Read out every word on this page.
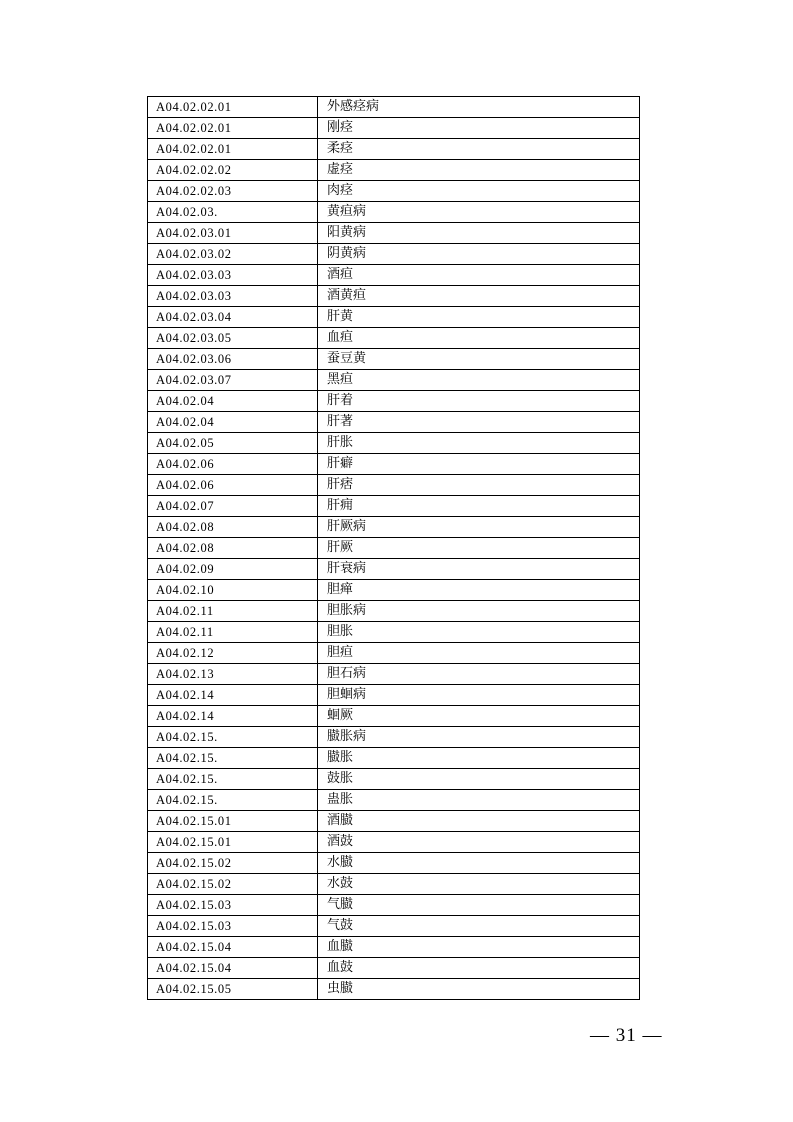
A04.02.02.01	外感痉病
A04.02.02.01	刚痉
A04.02.02.01	柔痉
A04.02.02.02	虚痉
A04.02.02.03	肉痉
A04.02.03.	黄疸病
A04.02.03.01	阳黄病
A04.02.03.02	阴黄病
A04.02.03.03	酒疸
A04.02.03.03	酒黄疸
A04.02.03.04	肝黄
A04.02.03.05	血疸
A04.02.03.06	蚕豆黄
A04.02.03.07	黑疸
A04.02.04	肝着
A04.02.04	肝著
A04.02.05	肝胀
A04.02.06	肝癖
A04.02.06	肝痞
A04.02.07	肝痈
A04.02.08	肝厥病
A04.02.08	肝厥
A04.02.09	肝衰病
A04.02.10	胆瘅
A04.02.11	胆胀病
A04.02.11	胆胀
A04.02.12	胆疸
A04.02.13	胆石病
A04.02.14	胆蛔病
A04.02.14	蛔厥
A04.02.15.	臌胀病
A04.02.15.	臌胀
A04.02.15.	鼓胀
A04.02.15.	蛊胀
A04.02.15.01	酒臌
A04.02.15.01	酒鼓
A04.02.15.02	水臌
A04.02.15.02	水鼓
A04.02.15.03	气臌
A04.02.15.03	气鼓
A04.02.15.04	血臌
A04.02.15.04	血鼓
A04.02.15.05	虫臌
— 31 —
